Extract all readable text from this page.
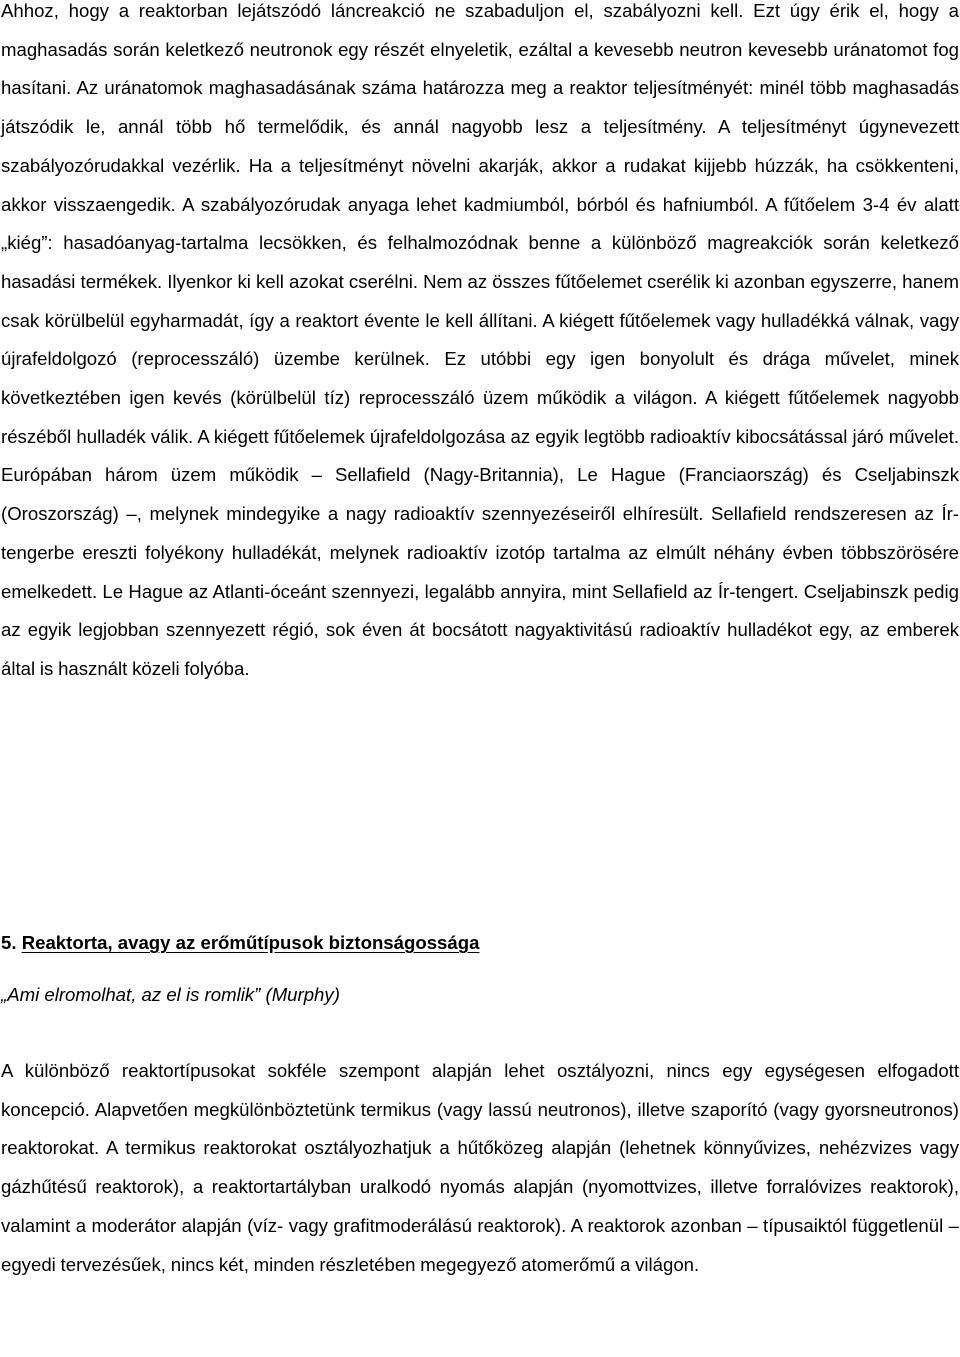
Ahhoz, hogy a reaktorban lejátszódó láncreakció ne szabaduljon el, szabályozni kell. Ezt úgy érik el, hogy a maghasadás során keletkező neutronok egy részét elnyeletik, ezáltal a kevesebb neutron kevesebb uránatomot fog hasítani. Az uránatomok maghasadásának száma határozza meg a reaktor teljesítményét: minél több maghasadás játszódik le, annál több hő termelődik, és annál nagyobb lesz a teljesítmény. A teljesítményt úgynevezett szabályozórudakkal vezérlik. Ha a teljesítményt növelni akarják, akkor a rudakat kijjebb húzzák, ha csökkenteni, akkor visszaengedik. A szabályozórudak anyaga lehet kadmiumból, bórból és hafniumból. A fűtőelem 3-4 év alatt „kiég”: hasadóanyag-tartalma lecsökken, és felhalmozódnak benne a különböző magreakciók során keletkező hasadási termékek. Ilyenkor ki kell azokat cserélni. Nem az összes fűtőelemet cserélik ki azonban egyszerre, hanem csak körülbelül egyharmadát, így a reaktort évente le kell állítani. A kiégett fűtőelemek vagy hulladékká válnak, vagy újrafeldolgozó (reprocesszáló) üzembe kerülnek. Ez utóbbi egy igen bonyolult és drága művelet, minek következtében igen kevés (körülbelül tíz) reprocesszáló üzem működik a világon. A kiégett fűtőelemek nagyobb részéből hulladék válik. A kiégett fűtőelemek újrafeldolgozása az egyik legtöbb radioaktív kibocsátással járó művelet. Európában három üzem működik – Sellafield (Nagy-Britannia), Le Hague (Franciaország) és Cseljabinszk (Oroszország) –, melynek mindegyike a nagy radioaktív szennyezéseiről elhíresült. Sellafield rendszeresen az Ír-tengerbe ereszti folyékony hulladékát, melynek radioaktív izotóp tartalma az elmúlt néhány évben többszörösére emelkedett. Le Hague az Atlanti-óceánt szennyezi, legalább annyira, mint Sellafield az Ír-tengert. Cseljabinszk pedig az egyik legjobban szennyezett régió, sok éven át bocsátott nagyaktivitású radioaktív hulladékot egy, az emberek által is használt közeli folyóba.

5. Reaktorta, avagy az erőműtípusok biztonságossága

„Ami elromolhat, az el is romlik” (Murphy)

A különböző reaktortípusokat sokféle szempont alapján lehet osztályozni, nincs egy egységesen elfogadott koncepció. Alapvetően megkülönböztetünk termikus (vagy lassú neutronos), illetve szaporító (vagy gyorsneutronos) reaktorokat. A termikus reaktorokat osztályozhatjuk a hűtőközeg alapján (lehetnek könnyűvizes, nehézvizes vagy gázhűtésű reaktorok), a reaktortartályban uralkodó nyomás alapján (nyomottvizes, illetve forralóvizes reaktorok), valamint a moderátor alapján (víz- vagy grafitmoderálású reaktorok). A reaktorok azonban – típusaiktól függetlenül – egyedi tervezésűek, nincs két, minden részletében megegyező atomerőmű a világon.
